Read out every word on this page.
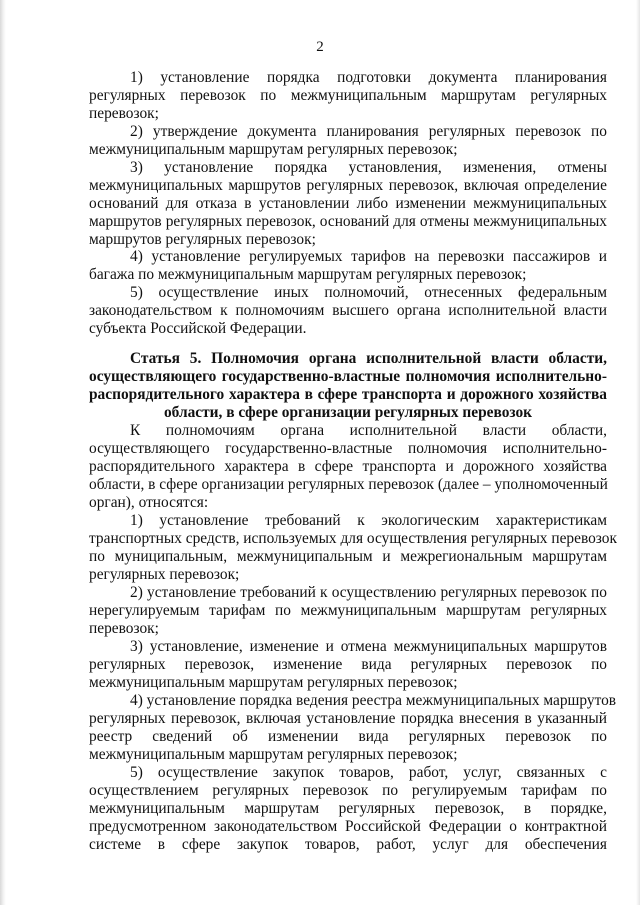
2
1) установление порядка подготовки документа планирования
регулярных перевозок по межмуниципальным маршрутам регулярных
перевозок;
2) утверждение документа планирования регулярных перевозок по
межмуниципальным маршрутам регулярных перевозок;
3) установление порядка установления, изменения, отмены
межмуниципальных маршрутов регулярных перевозок, включая определение
оснований для отказа в установлении либо изменении межмуниципальных
маршрутов регулярных перевозок, оснований для отмены межмуниципальных
маршрутов регулярных перевозок;
4) установление регулируемых тарифов на перевозки пассажиров и
багажа по межмуниципальным маршрутам регулярных перевозок;
5) осуществление иных полномочий, отнесенных федеральным
законодательством к полномочиям высшего органа исполнительной власти
субъекта Российской Федерации.
Статья 5. Полномочия органа исполнительной власти области,
осуществляющего государственно-властные полномочия исполнительно-
распорядительного характера в сфере транспорта и дорожного хозяйства
области, в сфере организации регулярных перевозок
К полномочиям органа исполнительной власти области,
осуществляющего государственно-властные полномочия исполнительно-
распорядительного характера в сфере транспорта и дорожного хозяйства
области, в сфере организации регулярных перевозок (далее – уполномоченный
орган), относятся:
1) установление требований к экологическим характеристикам
транспортных средств, используемых для осуществления регулярных перевозок
по муниципальным, межмуниципальным и межрегиональным маршрутам
регулярных перевозок;
2) установление требований к осуществлению регулярных перевозок по
нерегулируемым тарифам по межмуниципальным маршрутам регулярных
перевозок;
3) установление, изменение и отмена межмуниципальных маршрутов
регулярных перевозок, изменение вида регулярных перевозок по
межмуниципальным маршрутам регулярных перевозок;
4) установление порядка ведения реестра межмуниципальных маршрутов
регулярных перевозок, включая установление порядка внесения в указанный
реестр сведений об изменении вида регулярных перевозок по
межмуниципальным маршрутам регулярных перевозок;
5) осуществление закупок товаров, работ, услуг, связанных с
осуществлением регулярных перевозок по регулируемым тарифам по
межмуниципальным маршрутам регулярных перевозок, в порядке,
предусмотренном законодательством Российской Федерации о контрактной
системе в сфере закупок товаров, работ, услуг для обеспечения
